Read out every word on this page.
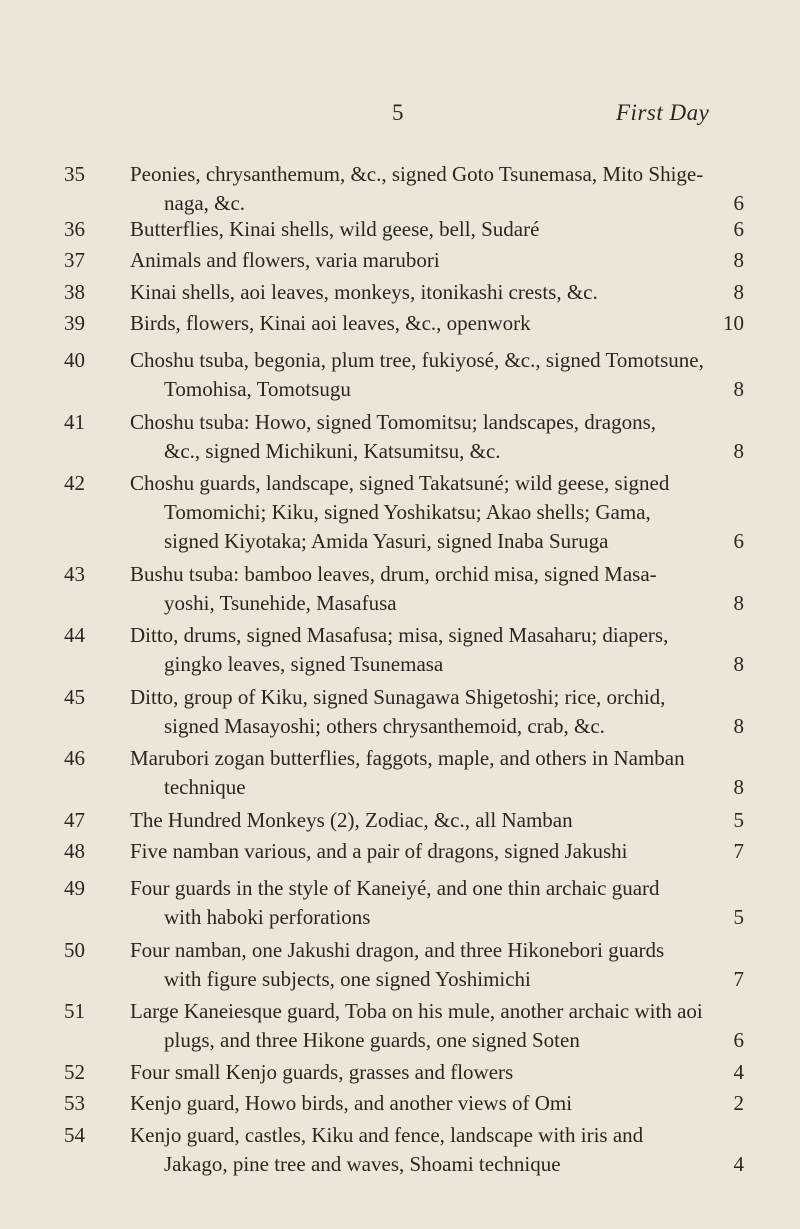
5	First Day
35	Peonies, chrysanthemum, &c., signed Goto Tsunemasa, Mito Shige-
naga, &c.	6
36	Butterflies, Kinai shells, wild geese, bell, Sudaré	6
37	Animals and flowers, varia marubori	8
38	Kinai shells, aoi leaves, monkeys, itonikashi crests, &c.	8
39	Birds, flowers, Kinai aoi leaves, &c., openwork	10
40	Choshu tsuba, begonia, plum tree, fukiyosé, &c., signed Tomotsune,
Tomohisa, Tomotsugu	8
41	Choshu tsuba: Howo, signed Tomomitsu; landscapes, dragons,
&c., signed Michikuni, Katsumitsu, &c.	8
42	Choshu guards, landscape, signed Takatsuné; wild geese, signed
Tomomichi; Kiku, signed Yoshikatsu; Akao shells; Gama,
signed Kiyotaka; Amida Yasuri, signed Inaba Suruga	6
43	Bushu tsuba: bamboo leaves, drum, orchid misa, signed Masa-
yoshi, Tsunehide, Masafusa	8
44	Ditto, drums, signed Masafusa; misa, signed Masaharu; diapers,
gingko leaves, signed Tsunemasa	8
45	Ditto, group of Kiku, signed Sunagawa Shigetoshi; rice, orchid,
signed Masayoshi; others chrysanthemoid, crab, &c.	8
46	Marubori zogan butterflies, faggots, maple, and others in Namban
technique	8
47	The Hundred Monkeys (2), Zodiac, &c., all Namban	5
48	Five namban various, and a pair of dragons, signed Jakushi	7
49	Four guards in the style of Kaneiyé, and one thin archaic guard
with haboki perforations	5
50	Four namban, one Jakushi dragon, and three Hikonebori guards
with figure subjects, one signed Yoshimichi	7
51	Large Kaneiesque guard, Toba on his mule, another archaic with aoi
plugs, and three Hikone guards, one signed Soten	6
52	Four small Kenjo guards, grasses and flowers	4
53	Kenjo guard, Howo birds, and another views of Omi	2
54	Kenjo guard, castles, Kiku and fence, landscape with iris and
Jakago, pine tree and waves, Shoami technique	4
